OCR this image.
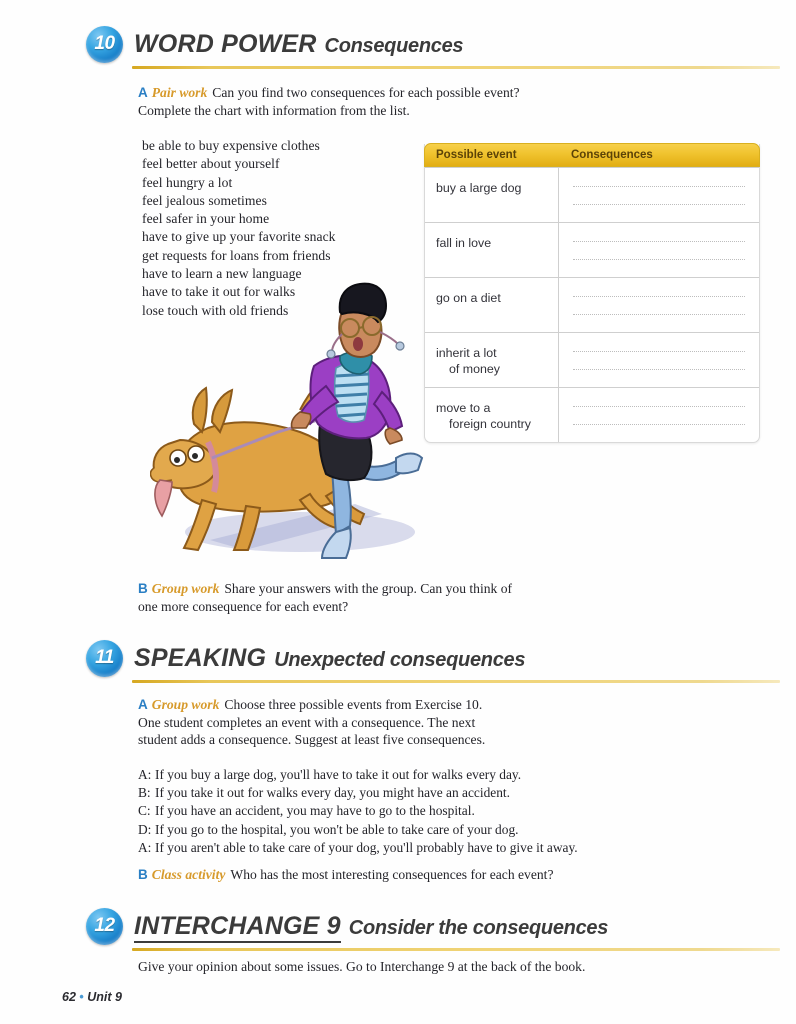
10 WORD POWER Consequences
A Pair work Can you find two consequences for each possible event?
Complete the chart with information from the list.
be able to buy expensive clothes
feel better about yourself
feel hungry a lot
feel jealous sometimes
feel safer in your home
have to give up your favorite snack
get requests for loans from friends
have to learn a new language
have to take it out for walks
lose touch with old friends
Possible event	Consequences
buy a large dog
fall in love
go on a diet
inherit a lot
of money
move to a
foreign country
B Group work Share your answers with the group. Can you think of
one more consequence for each event?
11 SPEAKING Unexpected consequences
A Group work Choose three possible events from Exercise 10.
One student completes an event with a consequence. The next
student adds a consequence. Suggest at least five consequences.
A: If you buy a large dog, you'll have to take it out for walks every day.
B: If you take it out for walks every day, you might have an accident.
C: If you have an accident, you may have to go to the hospital.
D: If you go to the hospital, you won't be able to take care of your dog.
A: If you aren't able to take care of your dog, you'll probably have to give it away.
B Class activity Who has the most interesting consequences for each event?
12 INTERCHANGE 9 Consider the consequences
Give your opinion about some issues. Go to Interchange 9 at the back of the book.
62 • Unit 9
